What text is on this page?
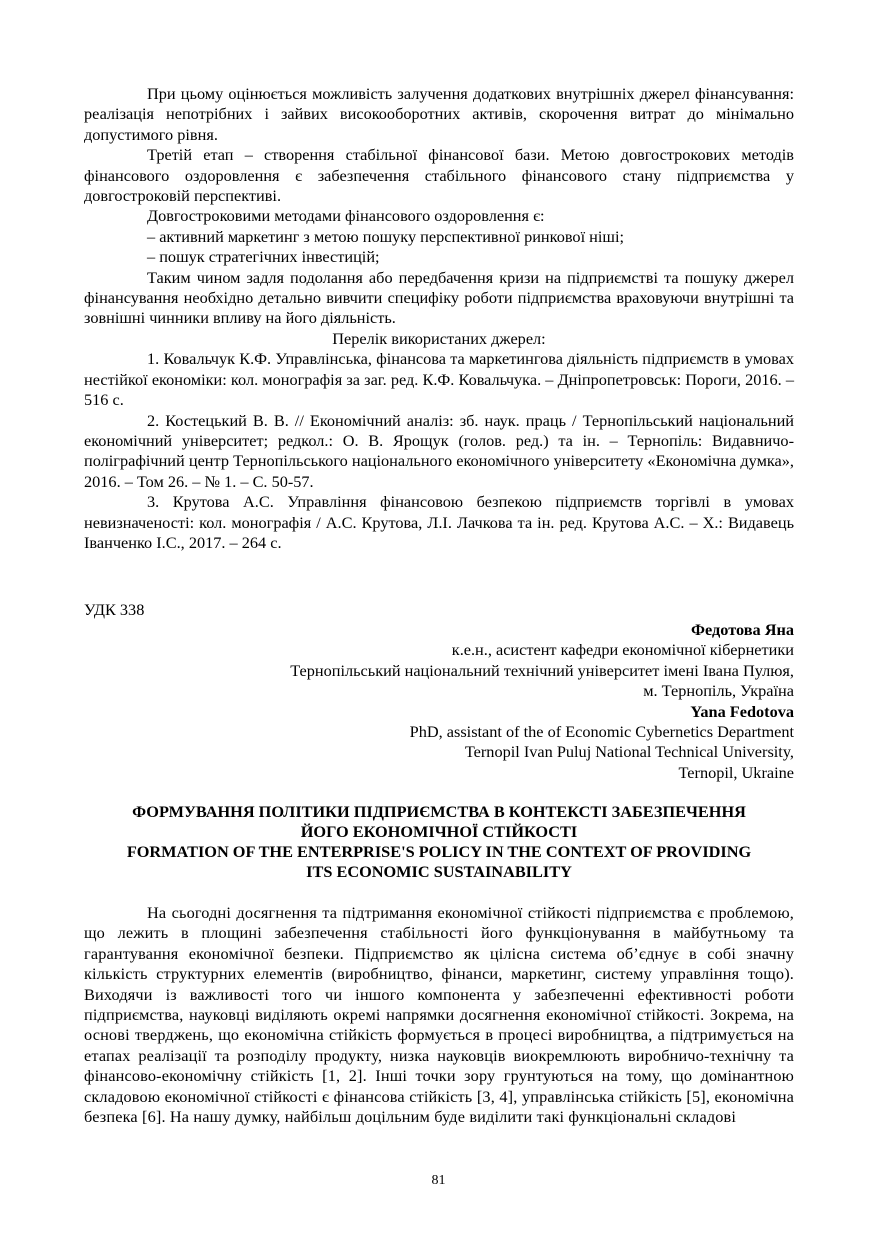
При цьому оцінюється можливість залучення додаткових внутрішніх джерел фінансування: реалізація непотрібних і зайвих високооборотних активів, скорочення витрат до мінімально допустимого рівня.

Третій етап – створення стабільної фінансової бази. Метою довгострокових методів фінансового оздоровлення є забезпечення стабільного фінансового стану підприємства у довгостроковій перспективі.

Довгостроковими методами фінансового оздоровлення є:

– активний маркетинг з метою пошуку перспективної ринкової ніші;

– пошук стратегічних інвестицій;

Таким чином задля подолання або передбачення кризи на підприємстві та пошуку джерел фінансування необхідно детально вивчити специфіку роботи підприємства враховуючи внутрішні та зовнішні чинники впливу на його діяльність.

Перелік використаних джерел:

1. Ковальчук К.Ф. Управлінська, фінансова та маркетингова діяльність підприємств в умовах нестійкої економіки: кол. монографія за заг. ред. К.Ф. Ковальчука. – Дніпропетровськ: Пороги, 2016. – 516 с.

2. Костецький В. В. // Економічний аналіз: зб. наук. праць / Тернопільський національний економічний університет; редкол.: О. В. Ярощук (голов. ред.) та ін. – Тернопіль: Видавничо-поліграфічний центр Тернопільського національного економічного університету «Економічна думка», 2016. – Том 26. – № 1. – С. 50-57.

3. Крутова А.С. Управління фінансовою безпекою підприємств торгівлі в умовах невизначеності: кол. монографія / А.С. Крутова, Л.І. Лачкова та ін. ред. Крутова А.С. – Х.: Видавець Іванченко І.С., 2017. – 264 с.

УДК 338

Федотова Яна

к.е.н., асистент кафедри економічної кібернетики

Тернопільський національний технічний університет імені Івана Пулюя,

м. Тернопіль, Україна

Yana Fedotova

PhD, assistant of the of Economic Cybernetics Department

Ternopil Ivan Puluj National Technical University,

Ternopil, Ukraine

ФОРМУВАННЯ ПОЛІТИКИ ПІДПРИЄМСТВА В КОНТЕКСТІ ЗАБЕЗПЕЧЕННЯ

ЙОГО ЕКОНОМІЧНОЇ СТІЙКОСТІ

FORMATION OF THE ENTERPRISE'S POLICY IN THE CONTEXT OF PROVIDING

ITS ECONOMIC SUSTAINABILITY

На сьогодні досягнення та підтримання економічної стійкості підприємства є проблемою, що лежить в площині забезпечення стабільності його функціонування в майбутньому та гарантування економічної безпеки. Підприємство як цілісна система об’єднує в собі значну кількість структурних елементів (виробництво, фінанси, маркетинг, систему управління тощо). Виходячи із важливості того чи іншого компонента у забезпеченні ефективності роботи підприємства, науковці виділяють окремі напрямки досягнення економічної стійкості. Зокрема, на основі тверджень, що економічна стійкість формується в процесі виробництва, а підтримується на етапах реалізації та розподілу продукту, низка науковців виокремлюють виробничо-технічну та фінансово-економічну стійкість [1, 2]. Інші точки зору грунтуються на тому, що домінантною складовою економічної стійкості є фінансова стійкість [3, 4], управлінська стійкість [5], економічна безпека [6]. На нашу думку, найбільш доцільним буде виділити такі функціональні складові

81
